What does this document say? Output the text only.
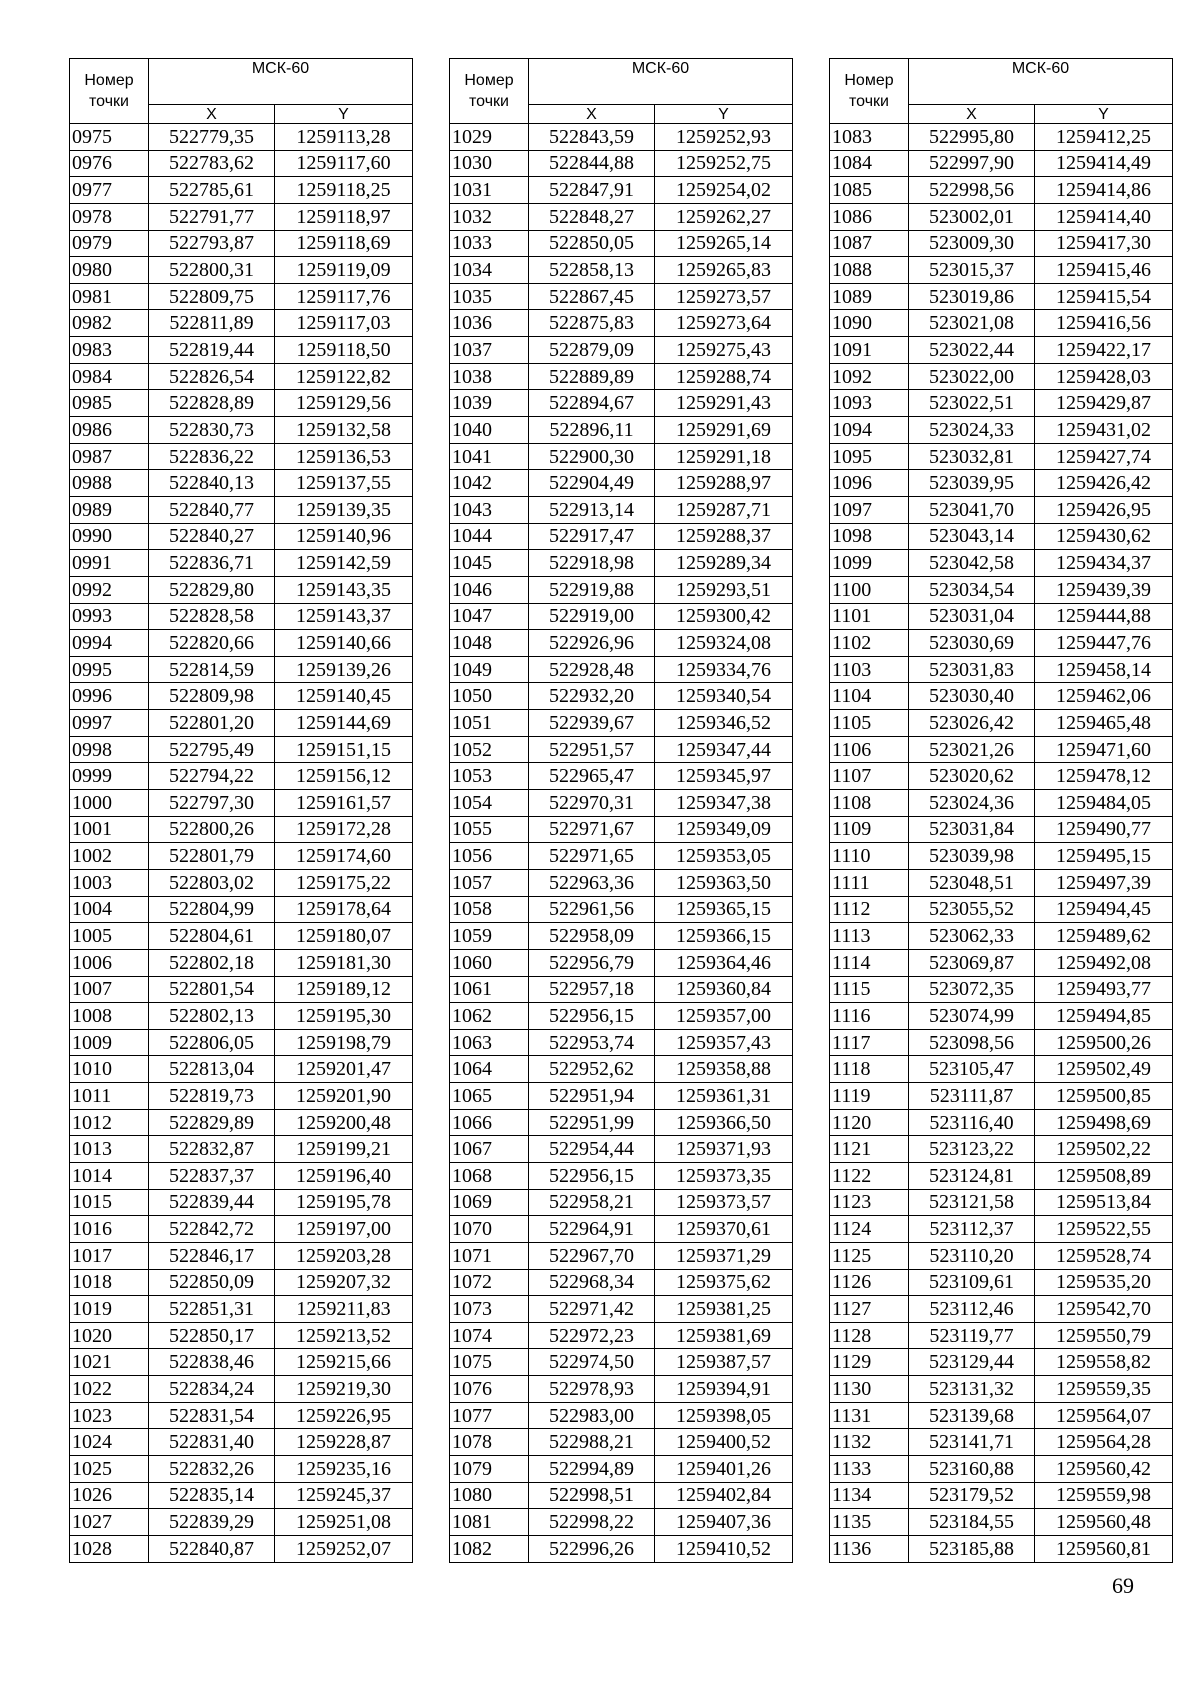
Номер точки	МСК-60	
	X	Y
0975	522779,35	1259113,28
0976	522783,62	1259117,60
0977	522785,61	1259118,25
0978	522791,77	1259118,97
0979	522793,87	1259118,69
0980	522800,31	1259119,09
0981	522809,75	1259117,76
0982	522811,89	1259117,03
0983	522819,44	1259118,50
0984	522826,54	1259122,82
0985	522828,89	1259129,56
0986	522830,73	1259132,58
0987	522836,22	1259136,53
0988	522840,13	1259137,55
0989	522840,77	1259139,35
0990	522840,27	1259140,96
0991	522836,71	1259142,59
0992	522829,80	1259143,35
0993	522828,58	1259143,37
0994	522820,66	1259140,66
0995	522814,59	1259139,26
0996	522809,98	1259140,45
0997	522801,20	1259144,69
0998	522795,49	1259151,15
0999	522794,22	1259156,12
1000	522797,30	1259161,57
1001	522800,26	1259172,28
1002	522801,79	1259174,60
1003	522803,02	1259175,22
1004	522804,99	1259178,64
1005	522804,61	1259180,07
1006	522802,18	1259181,30
1007	522801,54	1259189,12
1008	522802,13	1259195,30
1009	522806,05	1259198,79
1010	522813,04	1259201,47
1011	522819,73	1259201,90
1012	522829,89	1259200,48
1013	522832,87	1259199,21
1014	522837,37	1259196,40
1015	522839,44	1259195,78
1016	522842,72	1259197,00
1017	522846,17	1259203,28
1018	522850,09	1259207,32
1019	522851,31	1259211,83
1020	522850,17	1259213,52
1021	522838,46	1259215,66
1022	522834,24	1259219,30
1023	522831,54	1259226,95
1024	522831,40	1259228,87
1025	522832,26	1259235,16
1026	522835,14	1259245,37
1027	522839,29	1259251,08
1028	522840,87	1259252,07
Номер точки	МСК-60	
	X	Y
1029	522843,59	1259252,93
1030	522844,88	1259252,75
1031	522847,91	1259254,02
1032	522848,27	1259262,27
1033	522850,05	1259265,14
1034	522858,13	1259265,83
1035	522867,45	1259273,57
1036	522875,83	1259273,64
1037	522879,09	1259275,43
1038	522889,89	1259288,74
1039	522894,67	1259291,43
1040	522896,11	1259291,69
1041	522900,30	1259291,18
1042	522904,49	1259288,97
1043	522913,14	1259287,71
1044	522917,47	1259288,37
1045	522918,98	1259289,34
1046	522919,88	1259293,51
1047	522919,00	1259300,42
1048	522926,96	1259324,08
1049	522928,48	1259334,76
1050	522932,20	1259340,54
1051	522939,67	1259346,52
1052	522951,57	1259347,44
1053	522965,47	1259345,97
1054	522970,31	1259347,38
1055	522971,67	1259349,09
1056	522971,65	1259353,05
1057	522963,36	1259363,50
1058	522961,56	1259365,15
1059	522958,09	1259366,15
1060	522956,79	1259364,46
1061	522957,18	1259360,84
1062	522956,15	1259357,00
1063	522953,74	1259357,43
1064	522952,62	1259358,88
1065	522951,94	1259361,31
1066	522951,99	1259366,50
1067	522954,44	1259371,93
1068	522956,15	1259373,35
1069	522958,21	1259373,57
1070	522964,91	1259370,61
1071	522967,70	1259371,29
1072	522968,34	1259375,62
1073	522971,42	1259381,25
1074	522972,23	1259381,69
1075	522974,50	1259387,57
1076	522978,93	1259394,91
1077	522983,00	1259398,05
1078	522988,21	1259400,52
1079	522994,89	1259401,26
1080	522998,51	1259402,84
1081	522998,22	1259407,36
1082	522996,26	1259410,52
Номер точки	МСК-60	
	X	Y
1083	522995,80	1259412,25
1084	522997,90	1259414,49
1085	522998,56	1259414,86
1086	523002,01	1259414,40
1087	523009,30	1259417,30
1088	523015,37	1259415,46
1089	523019,86	1259415,54
1090	523021,08	1259416,56
1091	523022,44	1259422,17
1092	523022,00	1259428,03
1093	523022,51	1259429,87
1094	523024,33	1259431,02
1095	523032,81	1259427,74
1096	523039,95	1259426,42
1097	523041,70	1259426,95
1098	523043,14	1259430,62
1099	523042,58	1259434,37
1100	523034,54	1259439,39
1101	523031,04	1259444,88
1102	523030,69	1259447,76
1103	523031,83	1259458,14
1104	523030,40	1259462,06
1105	523026,42	1259465,48
1106	523021,26	1259471,60
1107	523020,62	1259478,12
1108	523024,36	1259484,05
1109	523031,84	1259490,77
1110	523039,98	1259495,15
1111	523048,51	1259497,39
1112	523055,52	1259494,45
1113	523062,33	1259489,62
1114	523069,87	1259492,08
1115	523072,35	1259493,77
1116	523074,99	1259494,85
1117	523098,56	1259500,26
1118	523105,47	1259502,49
1119	523111,87	1259500,85
1120	523116,40	1259498,69
1121	523123,22	1259502,22
1122	523124,81	1259508,89
1123	523121,58	1259513,84
1124	523112,37	1259522,55
1125	523110,20	1259528,74
1126	523109,61	1259535,20
1127	523112,46	1259542,70
1128	523119,77	1259550,79
1129	523129,44	1259558,82
1130	523131,32	1259559,35
1131	523139,68	1259564,07
1132	523141,71	1259564,28
1133	523160,88	1259560,42
1134	523179,52	1259559,98
1135	523184,55	1259560,48
1136	523185,88	1259560,81
69
